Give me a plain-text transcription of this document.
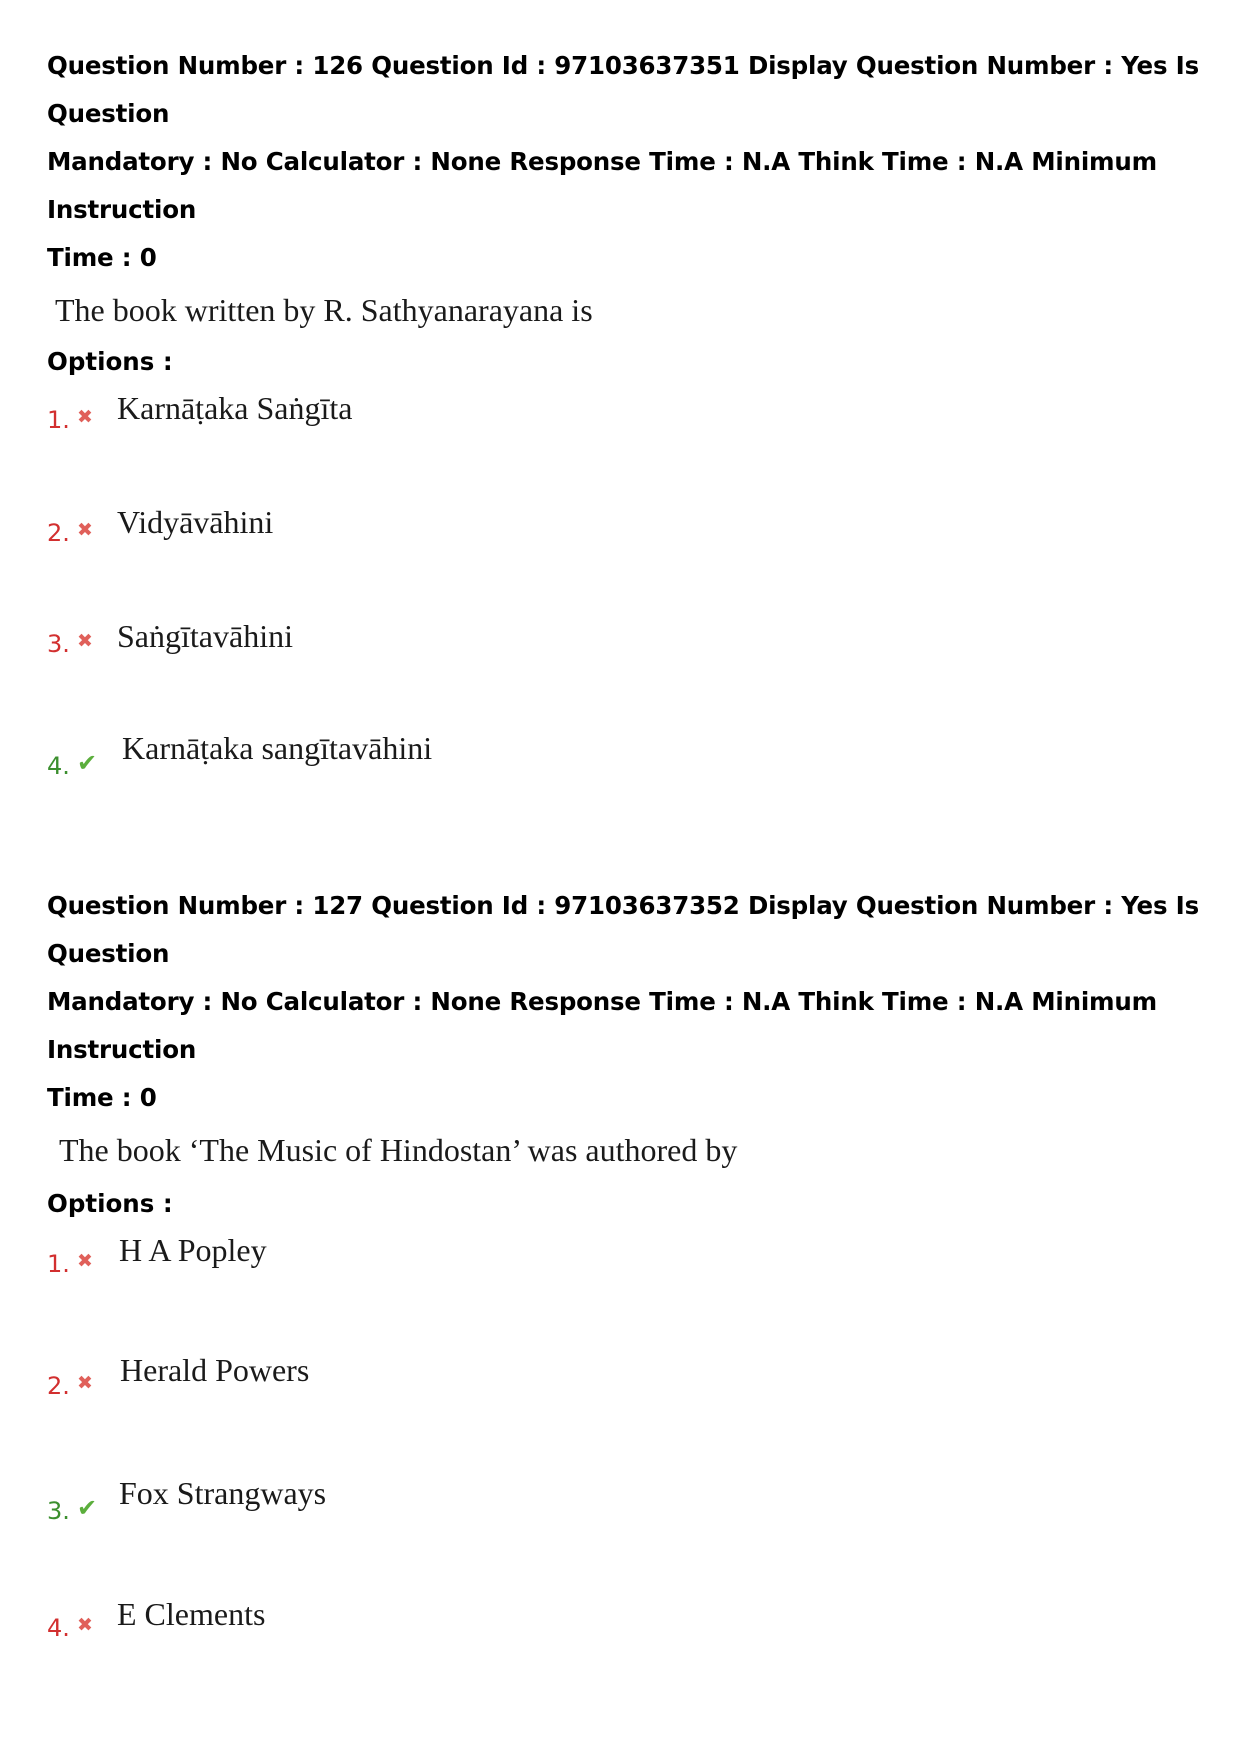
Question Number : 126 Question Id : 97103637351 Display Question Number : Yes Is Question

Mandatory : No Calculator : None Response Time : N.A Think Time : N.A Minimum Instruction

Time : 0

The book written by R. Sathyanarayana is

Options :

1. ✖ Karnāṭaka Saṅgīta
2. ✖ Vidyāvāhini
3. ✖ Saṅgītavāhini
4. ✔ Karnāṭaka sangītavāhini

Question Number : 127 Question Id : 97103637352 Display Question Number : Yes Is Question

Mandatory : No Calculator : None Response Time : N.A Think Time : N.A Minimum Instruction

Time : 0

The book ‘The Music of Hindostan’ was authored by

Options :

1. ✖ H A Popley
2. ✖ Herald Powers
3. ✔ Fox Strangways
4. ✖ E Clements
